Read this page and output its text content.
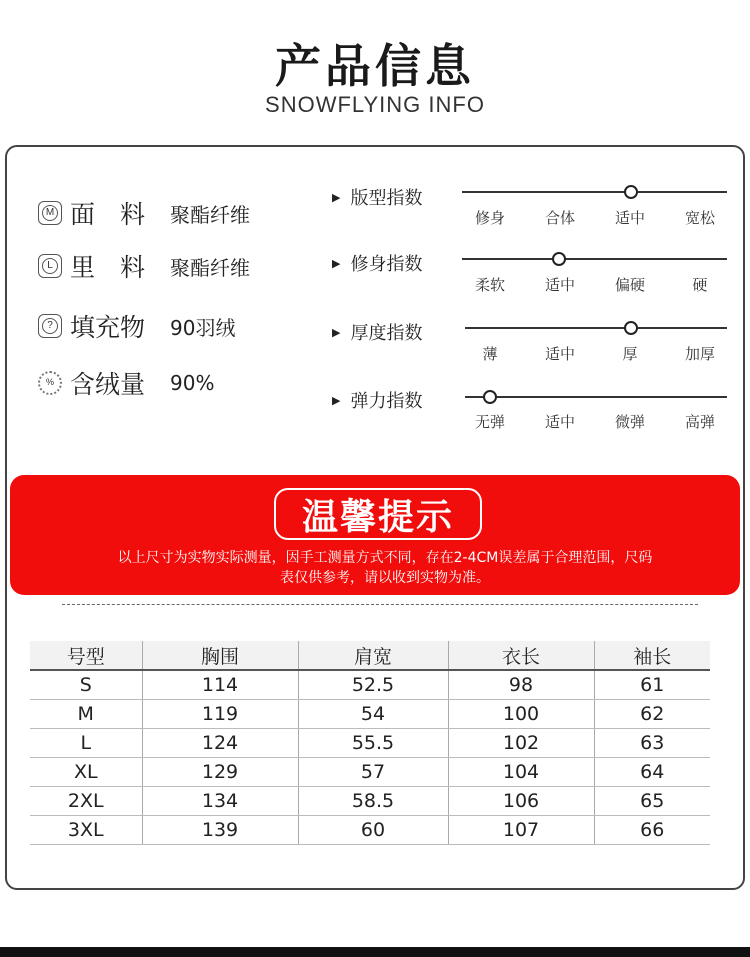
产品信息
SNOWFLYING INFO
M 面　料	聚酯纤维
L 里　料	聚酯纤维
? 填充物	90羽绒
% 含绒量	90%
▶ 版型指数
修身	合体	适中	宽松
▶ 修身指数
柔软	适中	偏硬	硬
▶ 厚度指数
薄	适中	厚	加厚
▶ 弹力指数
无弹	适中	微弹	高弹
温馨提示
以上尺寸为实物实际测量，因手工测量方式不同，存在2-4CM误差属于合理范围，尺码表仅供参考，请以收到实物为准。
号型	胸围	肩宽	衣长	袖长
S	114	52.5	98	61
M	119	54	100	62
L	124	55.5	102	63
XL	129	57	104	64
2XL	134	58.5	106	65
3XL	139	60	107	66
